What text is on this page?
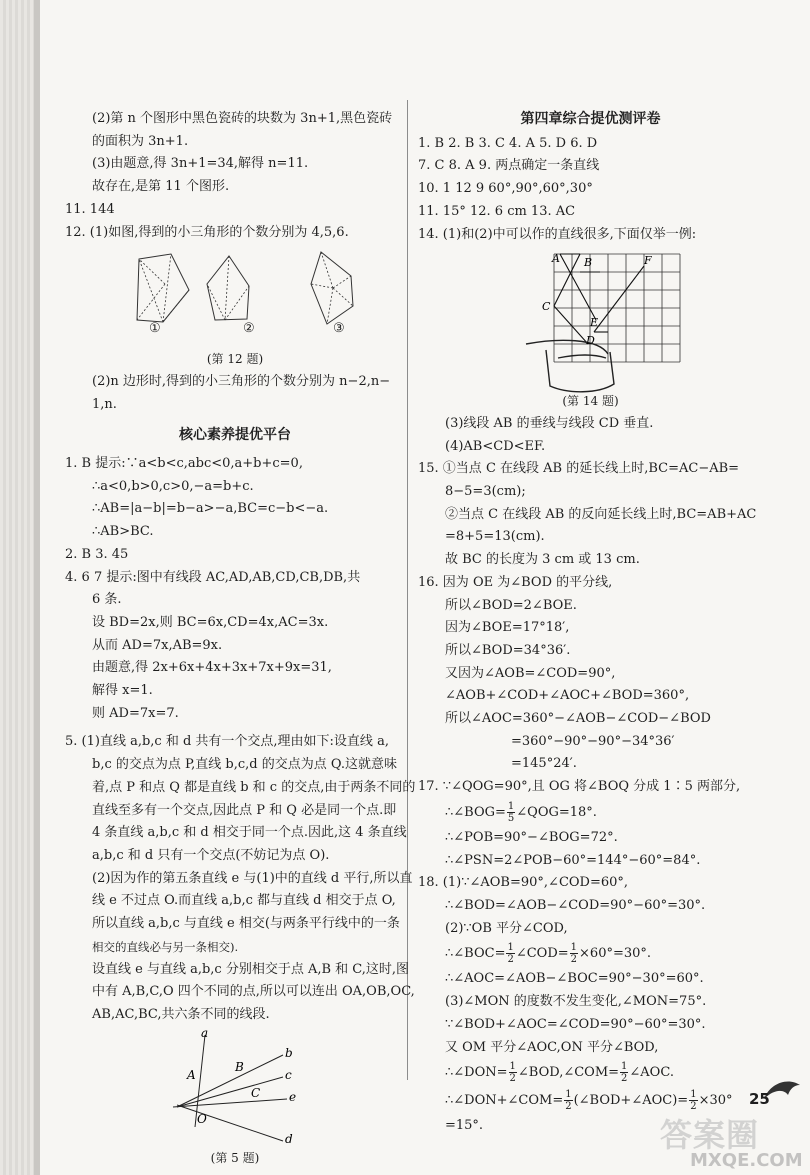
(2)第 n 个图形中黑色瓷砖的块数为 3n+1,黑色瓷砖
的面积为 3n+1.
(3)由题意,得 3n+1=34,解得 n=11.
故存在,是第 11 个图形.
11. 144
12. (1)如图,得到的小三角形的个数分别为 4,5,6.
①	②	③
(第 12 题)
(2)n 边形时,得到的小三角形的个数分别为 n−2,n−
1,n.
核心素养提优平台
1. B 提示:∵a<b<c,abc<0,a+b+c=0,
∴a<0,b>0,c>0,−a=b+c.
∴AB=|a−b|=b−a>−a,BC=c−b<−a.
∴AB>BC.
2. B 3. 45
4. 6 7 提示:图中有线段 AC,AD,AB,CD,CB,DB,共
6 条.
设 BD=2x,则 BC=6x,CD=4x,AC=3x.
从而 AD=7x,AB=9x.
由题意,得 2x+6x+4x+3x+7x+9x=31,
解得 x=1.
则 AD=7x=7.
5. (1)直线 a,b,c 和 d 共有一个交点,理由如下:设直线 a,
b,c 的交点为点 P,直线 b,c,d 的交点为点 Q.这就意味
着,点 P 和点 Q 都是直线 b 和 c 的交点,由于两条不同的
直线至多有一个交点,因此点 P 和 Q 必是同一个点.即
4 条直线 a,b,c 和 d 相交于同一个点.因此,这 4 条直线
a,b,c 和 d 只有一个交点(不妨记为点 O).
(2)因为作的第五条直线 e 与(1)中的直线 d 平行,所以直
线 e 不过点 O.而直线 a,b,c 都与直线 d 相交于点 O,
所以直线 a,b,c 与直线 e 相交(与两条平行线中的一条
相交的直线必与另一条相交).
设直线 e 与直线 a,b,c 分别相交于点 A,B 和 C,这时,图
中有 A,B,C,O 四个不同的点,所以可以连出 OA,OB,OC,
AB,AC,BC,共六条不同的线段.
a
b
c
e
d
A
B
C
O
(第 5 题)
第四章综合提优测评卷
1. B 2. B 3. C 4. A 5. D 6. D
7. C 8. A 9. 两点确定一条直线
10. 1 12 9 60°,90°,60°,30°
11. 15° 12. 6 cm 13. AC
14. (1)和(2)中可以作的直线很多,下面仅举一例:
A B	F
C
E
D
(第 14 题)
(3)线段 AB 的垂线与线段 CD 垂直.
(4)AB<CD<EF.
15. ①当点 C 在线段 AB 的延长线上时,BC=AC−AB=
8−5=3(cm);
②当点 C 在线段 AB 的反向延长线上时,BC=AB+AC
=8+5=13(cm).
故 BC 的长度为 3 cm 或 13 cm.
16. 因为 OE 为∠BOD 的平分线,
所以∠BOD=2∠BOE.
因为∠BOE=17°18′,
所以∠BOD=34°36′.
又因为∠AOB=∠COD=90°,
∠AOB+∠COD+∠AOC+∠BOD=360°,
所以∠AOC=360°−∠AOB−∠COD−∠BOD
=360°−90°−90°−34°36′
=145°24′.
17. ∵∠QOG=90°,且 OG 将∠BOQ 分成 1∶5 两部分,
∴∠BOG= $\frac{1}{5}$ ∠QOG=18°.
∴∠POB=90°−∠BOG=72°.
∴∠PSN=2∠POB−60°=144°−60°=84°.
18. (1)∵∠AOB=90°,∠COD=60°,
∴∠BOD=∠AOB−∠COD=90°−60°=30°.
(2)∵OB 平分∠COD,
∴∠BOC= $\frac{1}{2}$ ∠COD= $\frac{1}{2} \times 60^\circ=30^\circ$.
∴∠AOC=∠AOB−∠BOC=90°−30°=60°.
(3)∠MON 的度数不发生变化,∠MON=75°.
∵∠BOD+∠AOC=∠COD=90°−60°=30°.
又 OM 平分∠AOC,ON 平分∠BOD,
∴∠DON= $\frac{1}{2}$ ∠BOD,∠COM= $\frac{1}{2}$ ∠AOC.
∴∠DON+∠COM= $\frac{1}{2}$ (∠BOD+∠AOC)= $\frac{1}{2} \times 30^\circ$
=15°.
25
答案圈
MXQE.COM
